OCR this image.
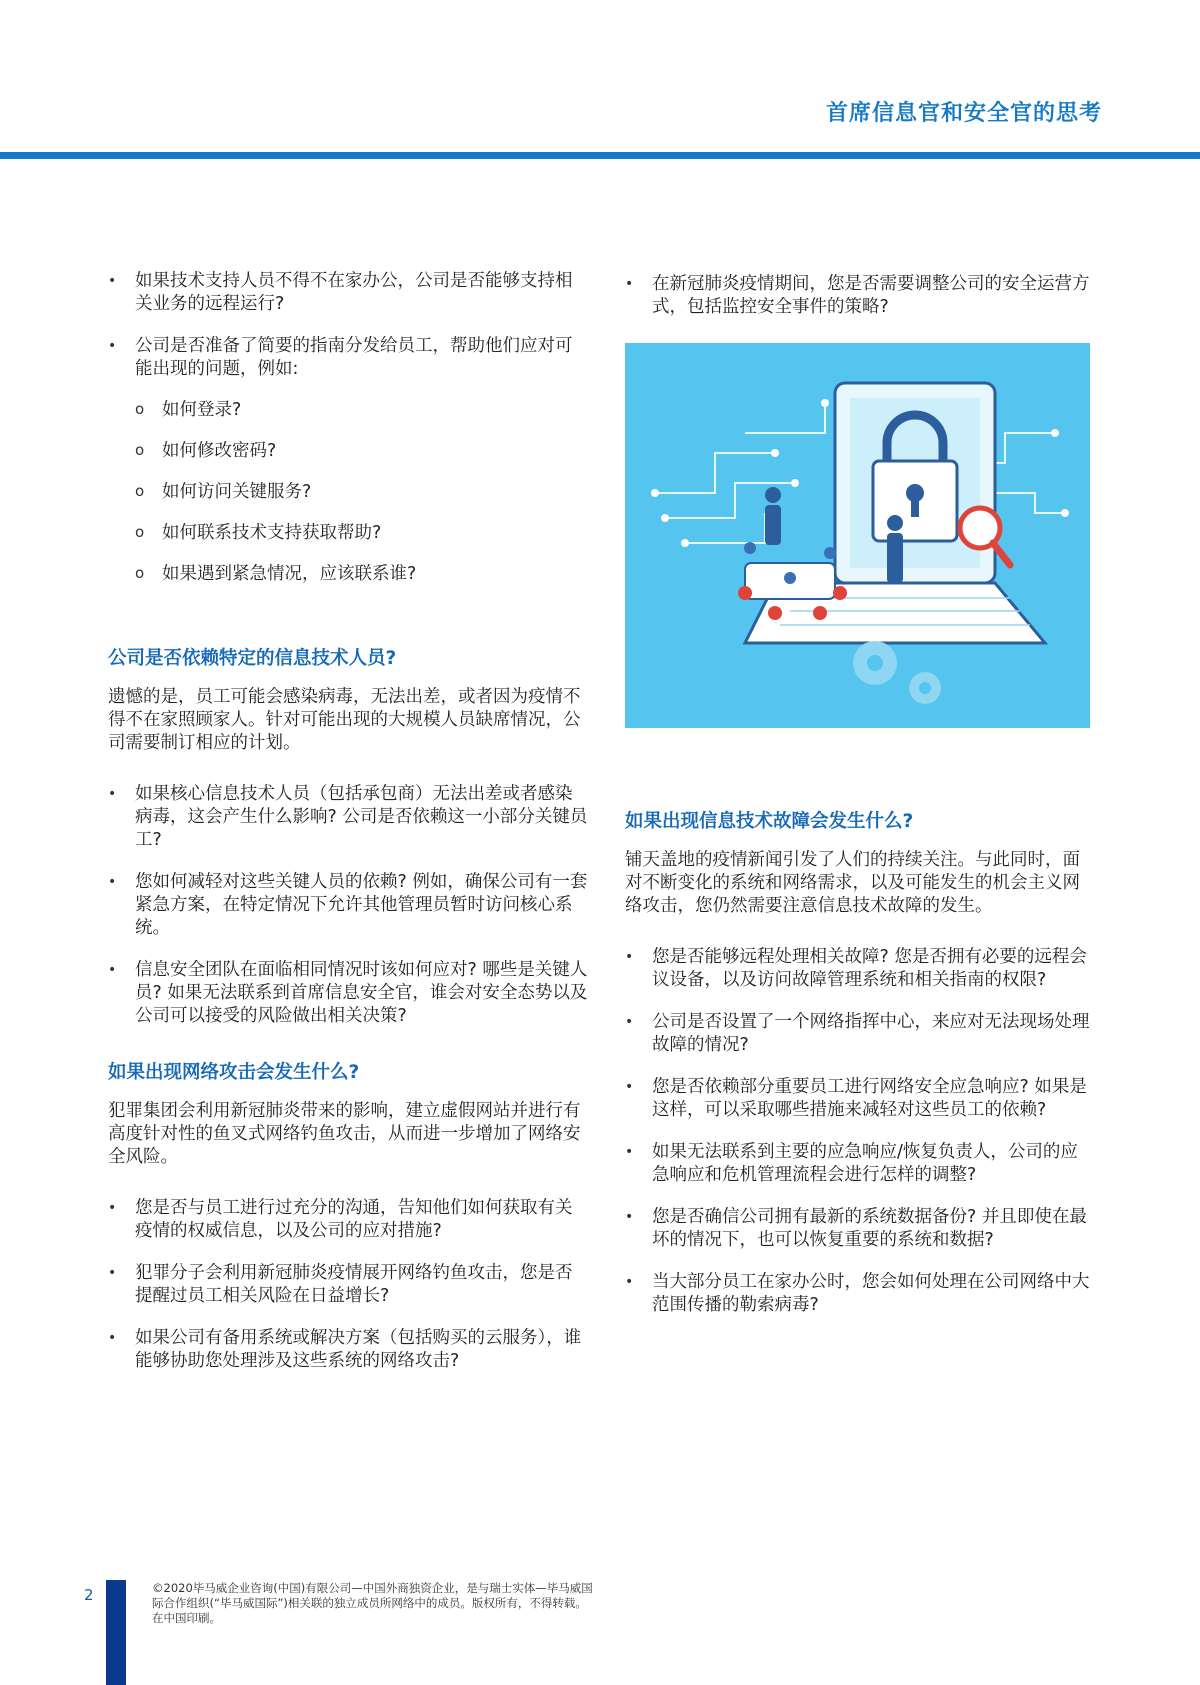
首席信息官和安全官的思考
• 如果技术支持人员不得不在家办公，公司是否能够支持相关业务的远程运行?
• 公司是否准备了简要的指南分发给员工，帮助他们应对可能出现的问题，例如:
o 如何登录?
o 如何修改密码?
o 如何访问关键服务?
o 如何联系技术支持获取帮助?
o 如果遇到紧急情况，应该联系谁?
公司是否依赖特定的信息技术人员?

遗憾的是，员工可能会感染病毒，无法出差，或者因为疫情不得不在家照顾家人。针对可能出现的大规模人员缺席情况，公司需要制订相应的计划。

• 如果核心信息技术人员（包括承包商）无法出差或者感染病毒，这会产生什么影响? 公司是否依赖这一小部分关键员工?
• 您如何减轻对这些关键人员的依赖? 例如，确保公司有一套紧急方案，在特定情况下允许其他管理员暂时访问核心系统。
• 信息安全团队在面临相同情况时该如何应对? 哪些是关键人员? 如果无法联系到首席信息安全官，谁会对安全态势以及公司可以接受的风险做出相关决策?
如果出现网络攻击会发生什么?

犯罪集团会利用新冠肺炎带来的影响，建立虚假网站并进行有高度针对性的鱼叉式网络钓鱼攻击，从而进一步增加了网络安全风险。

• 您是否与员工进行过充分的沟通，告知他们如何获取有关疫情的权威信息，以及公司的应对措施?
• 犯罪分子会利用新冠肺炎疫情展开网络钓鱼攻击，您是否提醒过员工相关风险在日益增长?
• 如果公司有备用系统或解决方案（包括购买的云服务），谁能够协助您处理涉及这些系统的网络攻击?
• 在新冠肺炎疫情期间，您是否需要调整公司的安全运营方式，包括监控安全事件的策略?
如果出现信息技术故障会发生什么?

铺天盖地的疫情新闻引发了人们的持续关注。与此同时，面对不断变化的系统和网络需求，以及可能发生的机会主义网络攻击，您仍然需要注意信息技术故障的发生。

• 您是否能够远程处理相关故障? 您是否拥有必要的远程会议设备，以及访问故障管理系统和相关指南的权限?
• 公司是否设置了一个网络指挥中心，来应对无法现场处理故障的情况?
• 您是否依赖部分重要员工进行网络安全应急响应? 如果是这样，可以采取哪些措施来减轻对这些员工的依赖?
• 如果无法联系到主要的应急响应/恢复负责人，公司的应急响应和危机管理流程会进行怎样的调整?
• 您是否确信公司拥有最新的系统数据备份? 并且即使在最坏的情况下，也可以恢复重要的系统和数据?
• 当大部分员工在家办公时，您会如何处理在公司网络中大范围传播的勒索病毒?
2	©2020毕马威企业咨询(中国)有限公司—中国外商独资企业，是与瑞士实体—毕马威国
际合作组织(“毕马威国际”)相关联的独立成员所网络中的成员。版权所有，不得转载。
在中国印刷。
